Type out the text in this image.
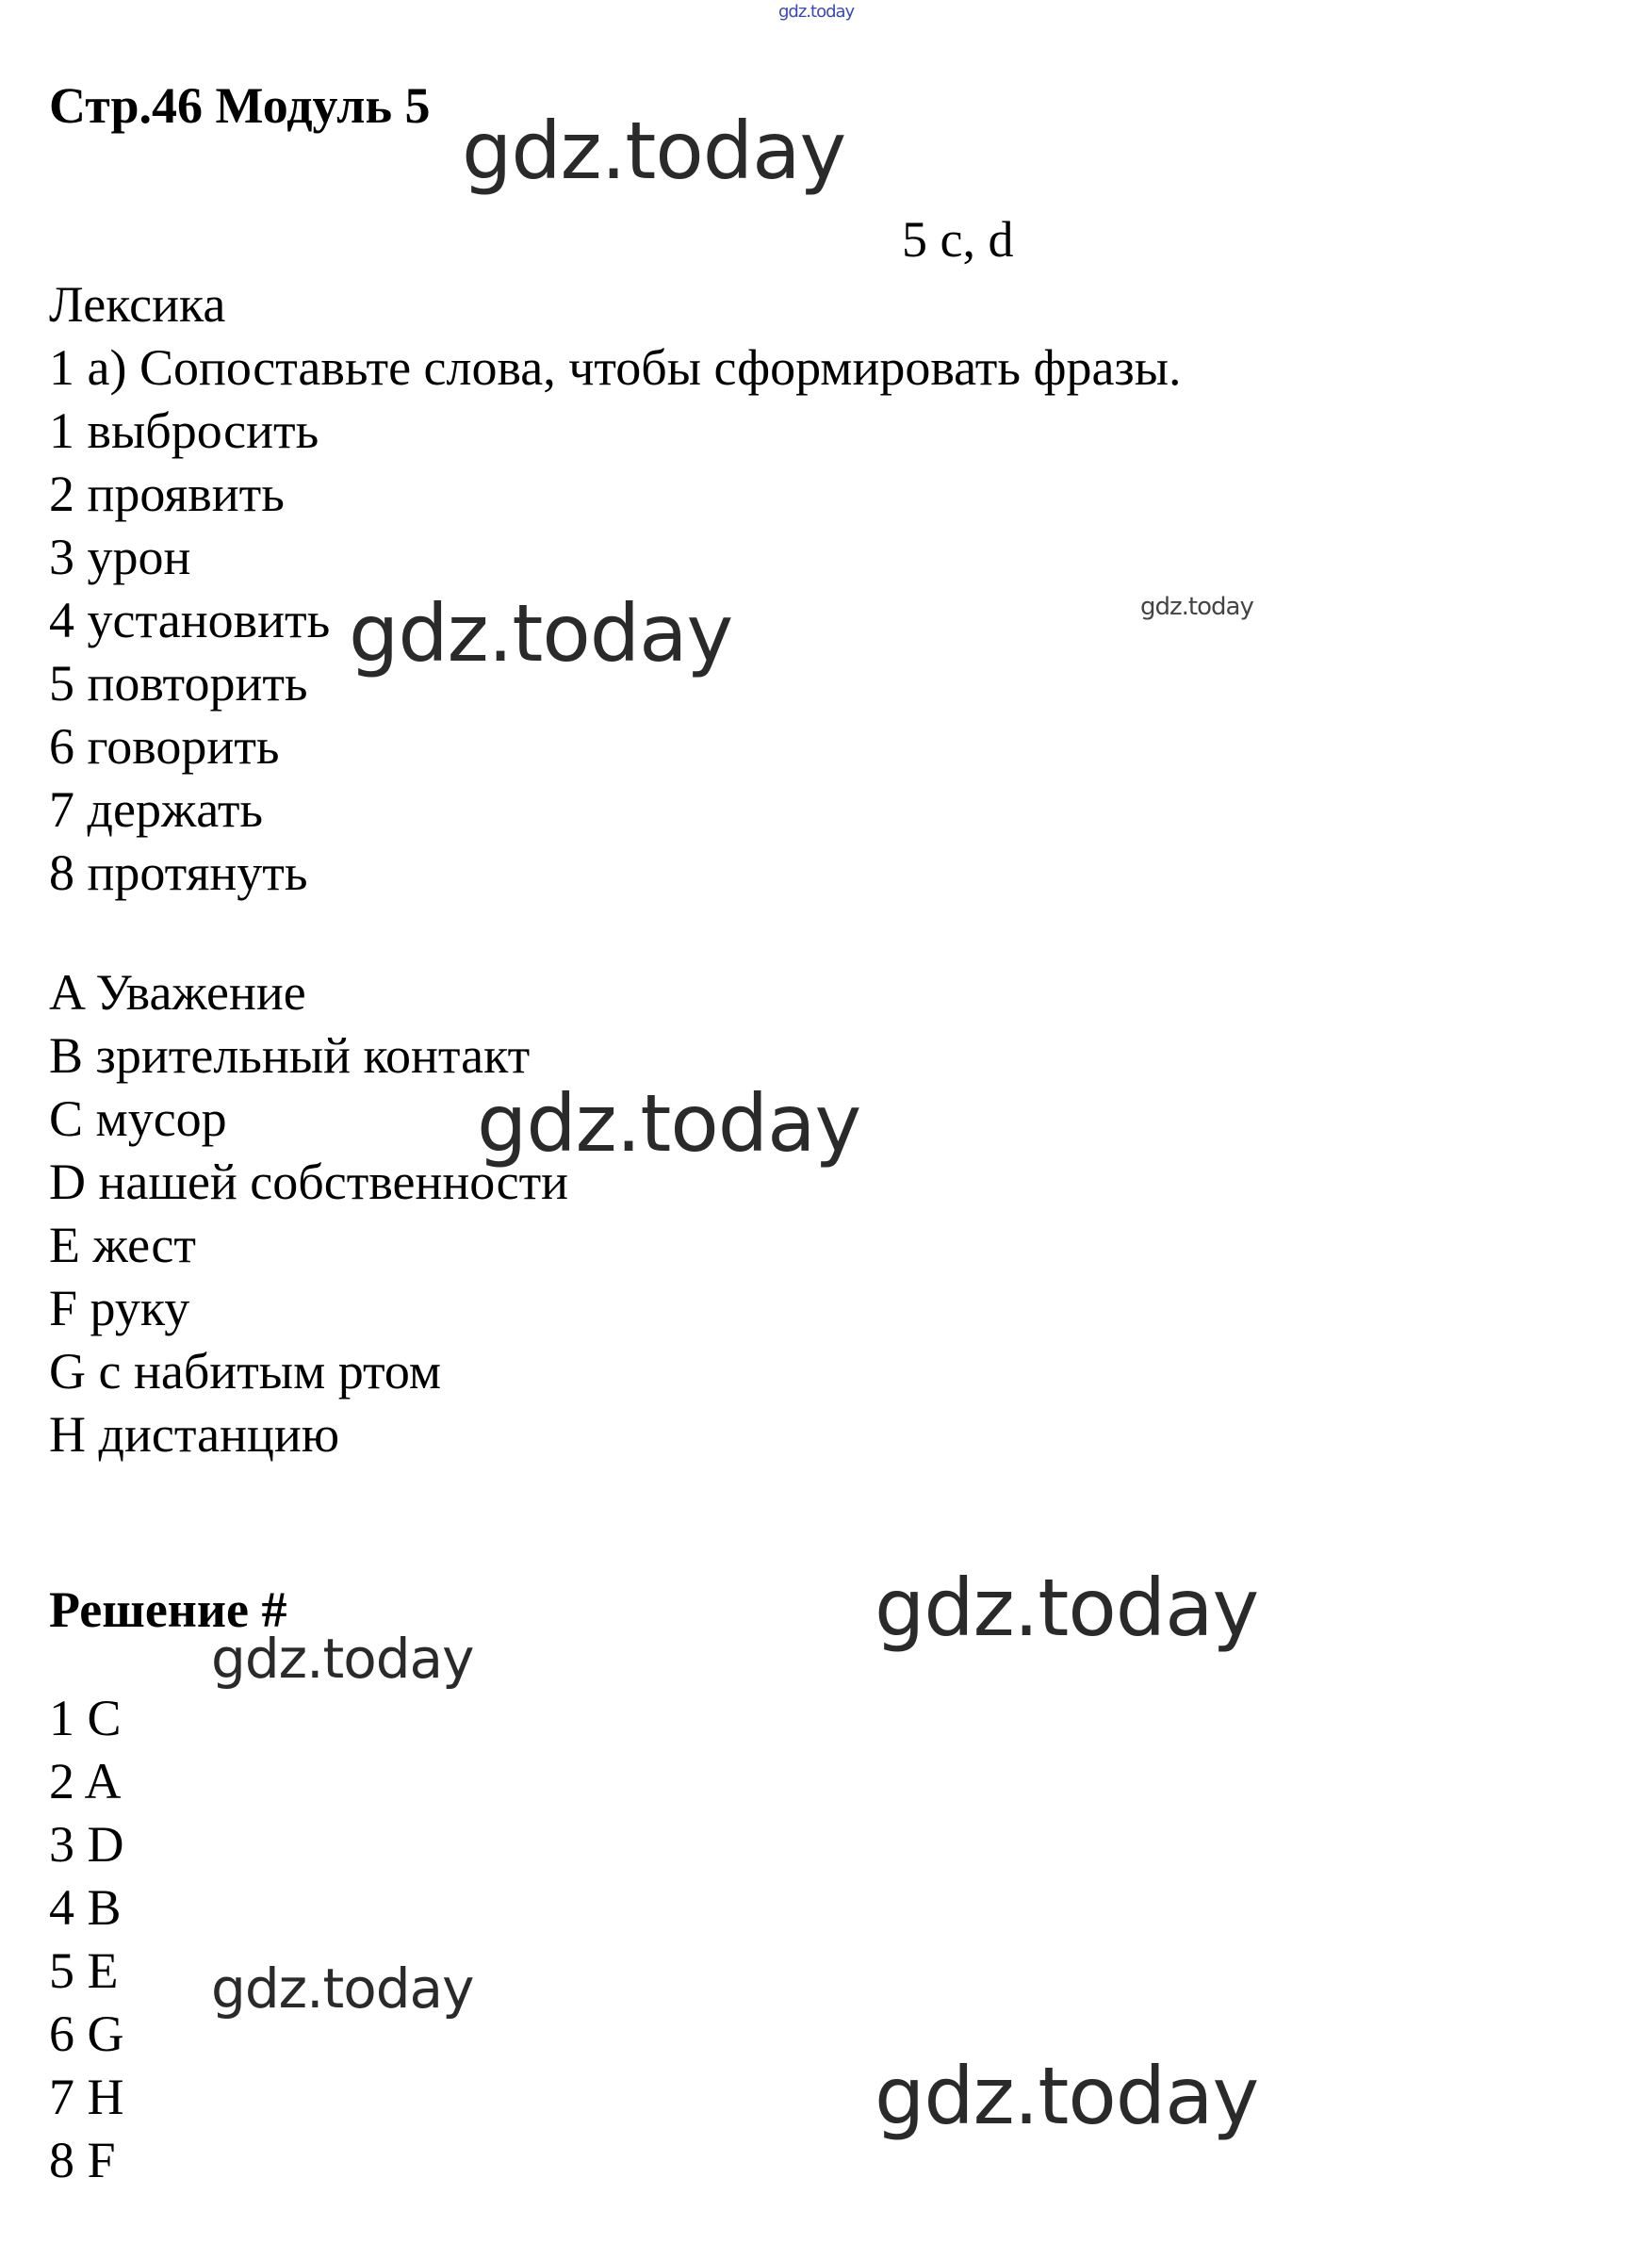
gdz.today
Стр.46 Модуль 5 gdz.today
5 c, d
Лексика
1 a) Сопоставьте слова, чтобы сформировать фразы.
1 выбросить
2 проявить
3 урон
4 установить
5 повторить
6 говорить
7 держать
8 протянуть
gdz.today	gdz.today
A Уважение
B зрительный контакт
C мусор
D нашей собственности
E жест
F руку
G с набитым ртом
H дистанцию
gdz.today
Решение #	gdz.today
gdz.today
1 C
2 A
3 D
4 B
5 E
6 G
7 H
8 F
gdz.today
gdz.today
